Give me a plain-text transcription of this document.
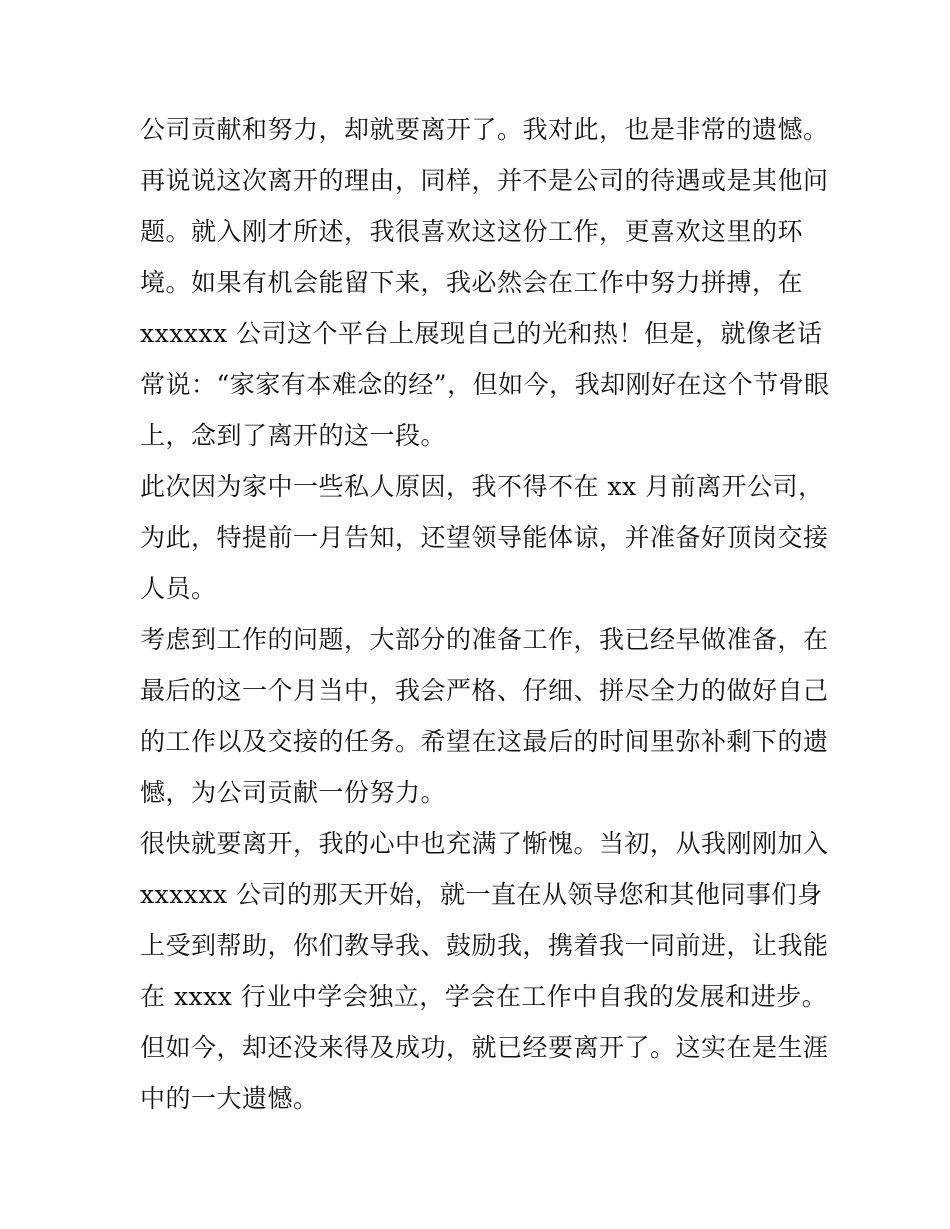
公司贡献和努力，却就要离开了。我对此，也是非常的遗憾。
再说说这次离开的理由，同样，并不是公司的待遇或是其他问
题。就入刚才所述，我很喜欢这这份工作，更喜欢这里的环
境。如果有机会能留下来，我必然会在工作中努力拼搏，在
xxxxxx 公司这个平台上展现自己的光和热！但是，就像老话
常说：“家家有本难念的经”，但如今，我却刚好在这个节骨眼
上，念到了离开的这一段。
此次因为家中一些私人原因，我不得不在 xx 月前离开公司，
为此，特提前一月告知，还望领导能体谅，并准备好顶岗交接
人员。
考虑到工作的问题，大部分的准备工作，我已经早做准备，在
最后的这一个月当中，我会严格、仔细、拼尽全力的做好自己
的工作以及交接的任务。希望在这最后的时间里弥补剩下的遗
憾，为公司贡献一份努力。
很快就要离开，我的心中也充满了惭愧。当初，从我刚刚加入
xxxxxx 公司的那天开始，就一直在从领导您和其他同事们身
上受到帮助，你们教导我、鼓励我，携着我一同前进，让我能
在 xxxx 行业中学会独立，学会在工作中自我的发展和进步。
但如今，却还没来得及成功，就已经要离开了。这实在是生涯
中的一大遗憾。
